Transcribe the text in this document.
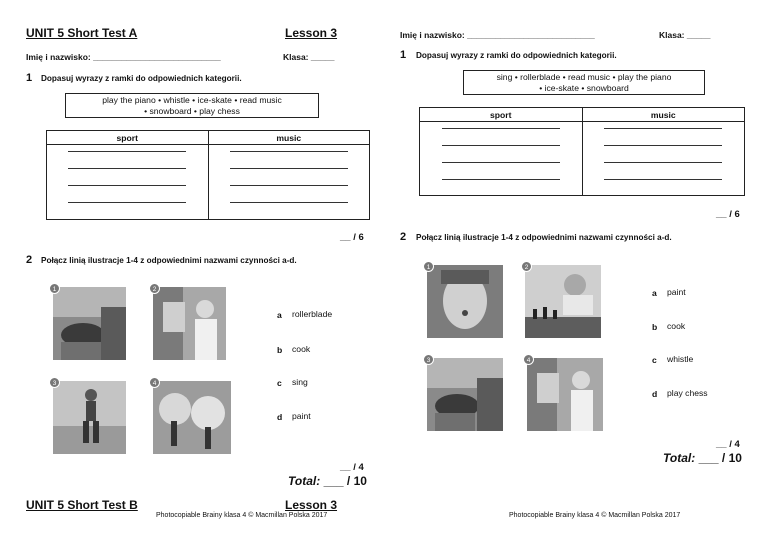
UNIT 5 Short Test A	Lesson 3
Imię i nazwisko: ___________________________	Klasa: _____
1 Dopasuj wyrazy z ramki do odpowiednich kategorii.
play the piano • whistle • ice-skate • read music
• snowboard • play chess
sport	music

__ / 6
2 Połącz linią ilustracje 1-4 z odpowiednimi nazwami czynności a-d.
1	2
3	4
a rollerblade
b cook
c sing
d paint
__ / 4
Total: ___ / 10
UNIT 5 Short Test B	Lesson 3
Photocopiable Brainy klasa 4 © Macmillan Polska 2017
Imię i nazwisko: ___________________________	Klasa: _____
1 Dopasuj wyrazy z ramki do odpowiednich kategorii.
sing • rollerblade • read music • play the piano
• ice-skate • snowboard
sport	music

__ / 6
2 Połącz linią ilustracje 1-4 z odpowiednimi nazwami czynności a-d.
1	2
3	4
a paint
b cook
c whistle
d play chess
__ / 4
Total: ___ / 10
Photocopiable Brainy klasa 4 © Macmillan Polska 2017
